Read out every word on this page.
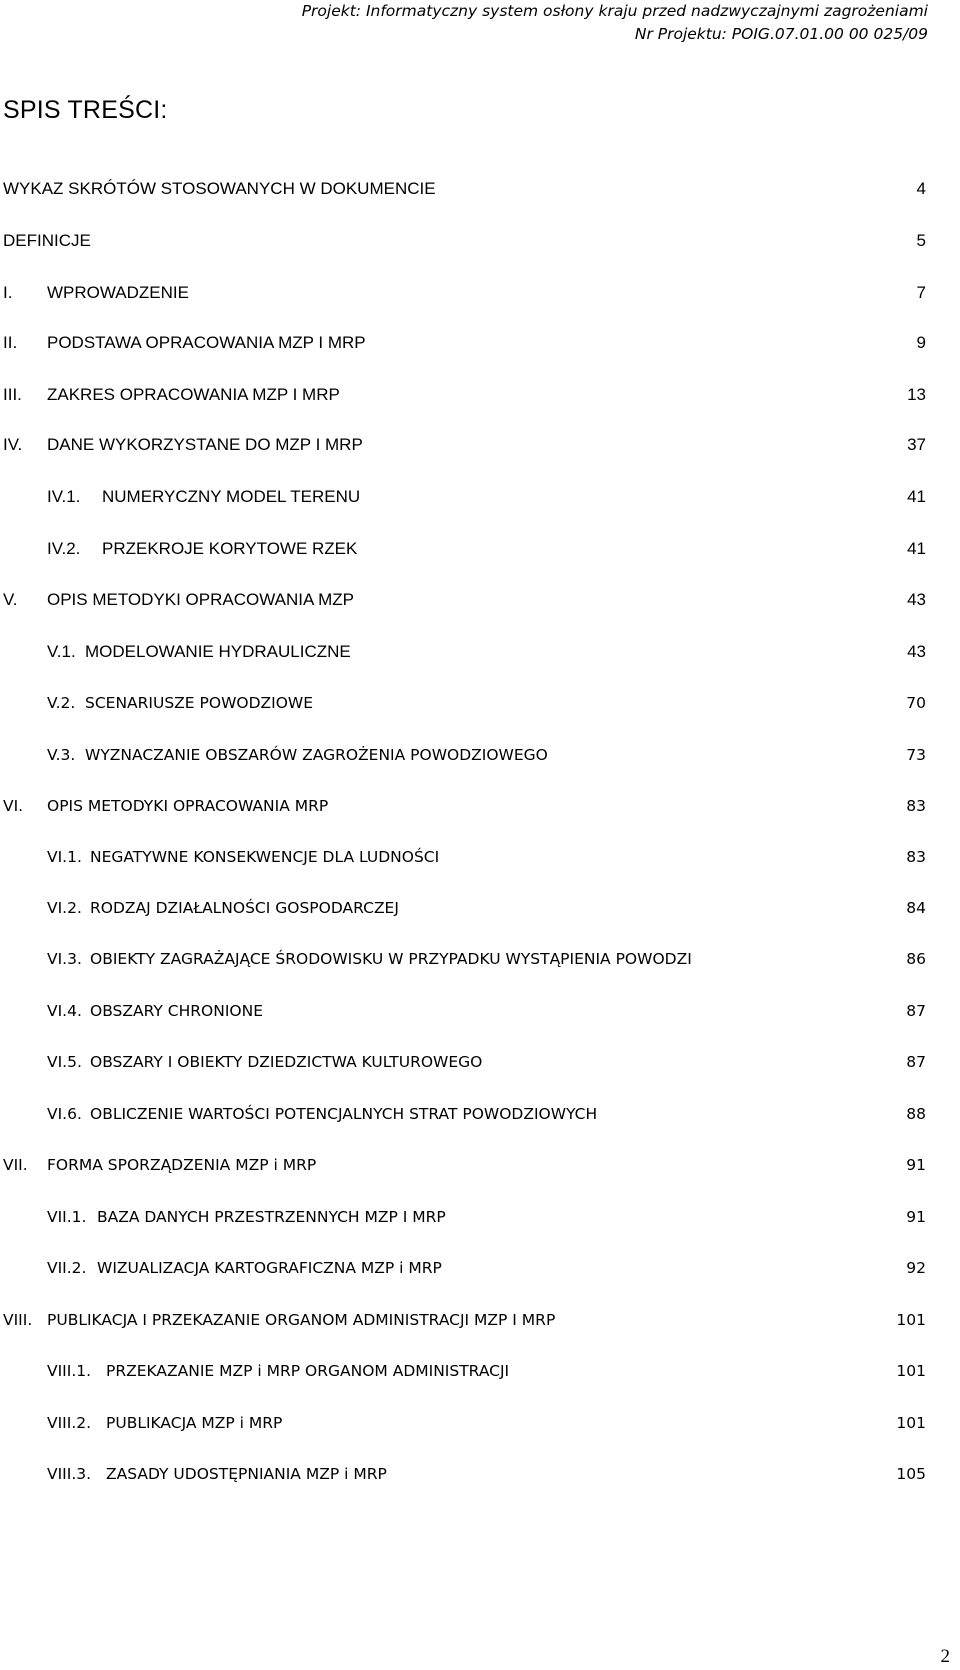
Projekt: Informatyczny system osłony kraju przed nadzwyczajnymi zagrożeniami
Nr Projektu: POIG.07.01.00 00 025/09
SPIS TREŚCI:
WYKAZ SKRÓTÓW STOSOWANYCH W DOKUMENCIE	4
DEFINICJE	5
I. WPROWADZENIE	7
II. PODSTAWA OPRACOWANIA MZP I MRP	9
III. ZAKRES OPRACOWANIA MZP I MRP	13
IV. DANE WYKORZYSTANE DO MZP I MRP	37
IV.1. NUMERYCZNY MODEL TERENU	41
IV.2. PRZEKROJE KORYTOWE RZEK	41
V. OPIS METODYKI OPRACOWANIA MZP	43
V.1. MODELOWANIE HYDRAULICZNE	43
V.2. SCENARIUSZE POWODZIOWE	70
V.3. WYZNACZANIE OBSZARÓW ZAGROŻENIA POWODZIOWEGO	73
VI. OPIS METODYKI OPRACOWANIA MRP	83
VI.1. NEGATYWNE KONSEKWENCJE DLA LUDNOŚCI	83
VI.2. RODZAJ DZIAŁALNOŚCI GOSPODARCZEJ	84
VI.3. OBIEKTY ZAGRAŻAJĄCE ŚRODOWISKU W PRZYPADKU WYSTĄPIENIA POWODZI	86
VI.4. OBSZARY CHRONIONE	87
VI.5. OBSZARY I OBIEKTY DZIEDZICTWA KULTUROWEGO	87
VI.6. OBLICZENIE WARTOŚCI POTENCJALNYCH STRAT POWODZIOWYCH	88
VII. FORMA SPORZĄDZENIA MZP i MRP	91
VII.1. BAZA DANYCH PRZESTRZENNYCH MZP I MRP	91
VII.2. WIZUALIZACJA KARTOGRAFICZNA MZP i MRP	92
VIII. PUBLIKACJA I PRZEKAZANIE ORGANOM ADMINISTRACJI MZP I MRP	101
VIII.1. PRZEKAZANIE MZP i MRP ORGANOM ADMINISTRACJI	101
VIII.2. PUBLIKACJA MZP i MRP	101
VIII.3. ZASADY UDOSTĘPNIANIA MZP i MRP	105
2
